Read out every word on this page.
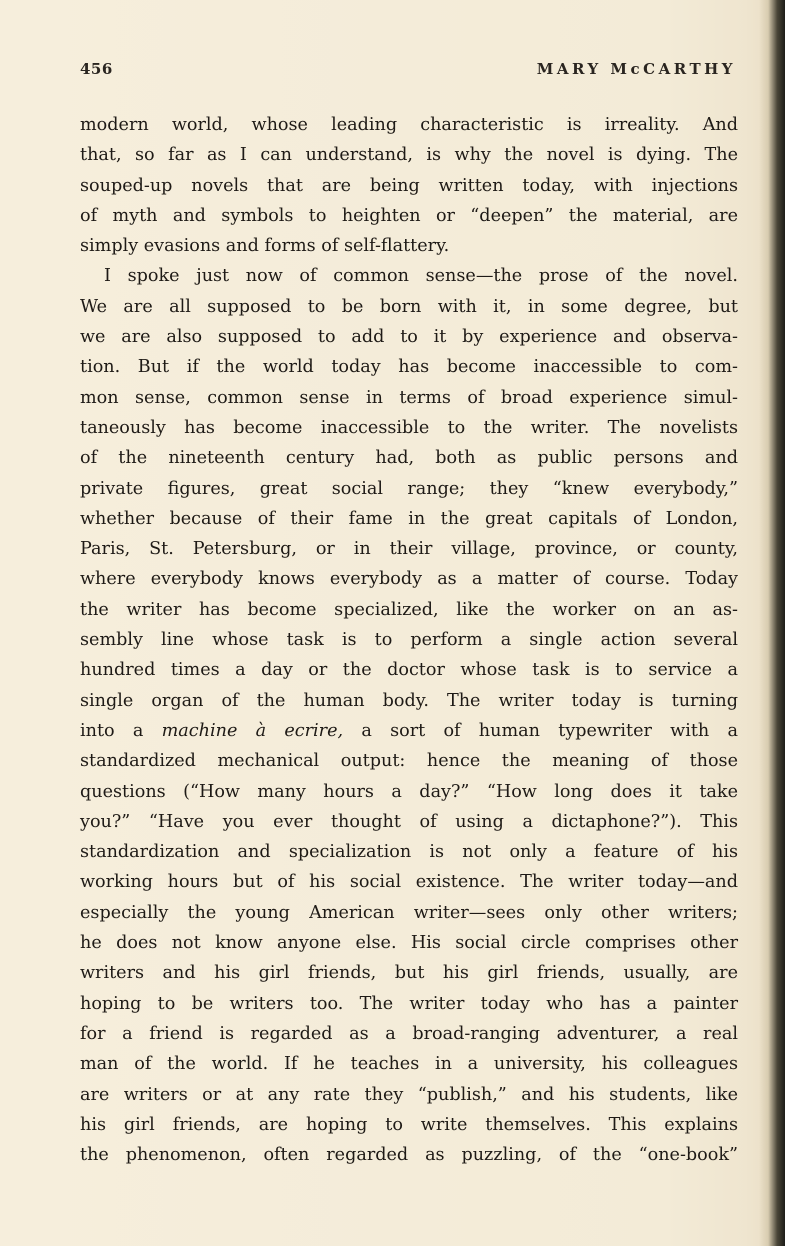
456	MARY McCARTHY

modern world, whose leading characteristic is irreality. And
that, so far as I can understand, is why the novel is dying. The
souped-up novels that are being written today, with injections
of myth and symbols to heighten or “deepen” the material, are
simply evasions and forms of self-flattery.

I spoke just now of common sense—the prose of the novel.
We are all supposed to be born with it, in some degree, but
we are also supposed to add to it by experience and observa-
tion. But if the world today has become inaccessible to com-
mon sense, common sense in terms of broad experience simul-
taneously has become inaccessible to the writer. The novelists
of the nineteenth century had, both as public persons and
private figures, great social range; they “knew everybody,”
whether because of their fame in the great capitals of London,
Paris, St. Petersburg, or in their village, province, or county,
where everybody knows everybody as a matter of course. Today
the writer has become specialized, like the worker on an as-
sembly line whose task is to perform a single action several
hundred times a day or the doctor whose task is to service a
single organ of the human body. The writer today is turning
into a machine à ecrire, a sort of human typewriter with a
standardized mechanical output: hence the meaning of those
questions (“How many hours a day?” “How long does it take
you?” “Have you ever thought of using a dictaphone?”). This
standardization and specialization is not only a feature of his
working hours but of his social existence. The writer today—and
especially the young American writer—sees only other writers;
he does not know anyone else. His social circle comprises other
writers and his girl friends, but his girl friends, usually, are
hoping to be writers too. The writer today who has a painter
for a friend is regarded as a broad-ranging adventurer, a real
man of the world. If he teaches in a university, his colleagues
are writers or at any rate they “publish,” and his students, like
his girl friends, are hoping to write themselves. This explains
the phenomenon, often regarded as puzzling, of the “one-book”
